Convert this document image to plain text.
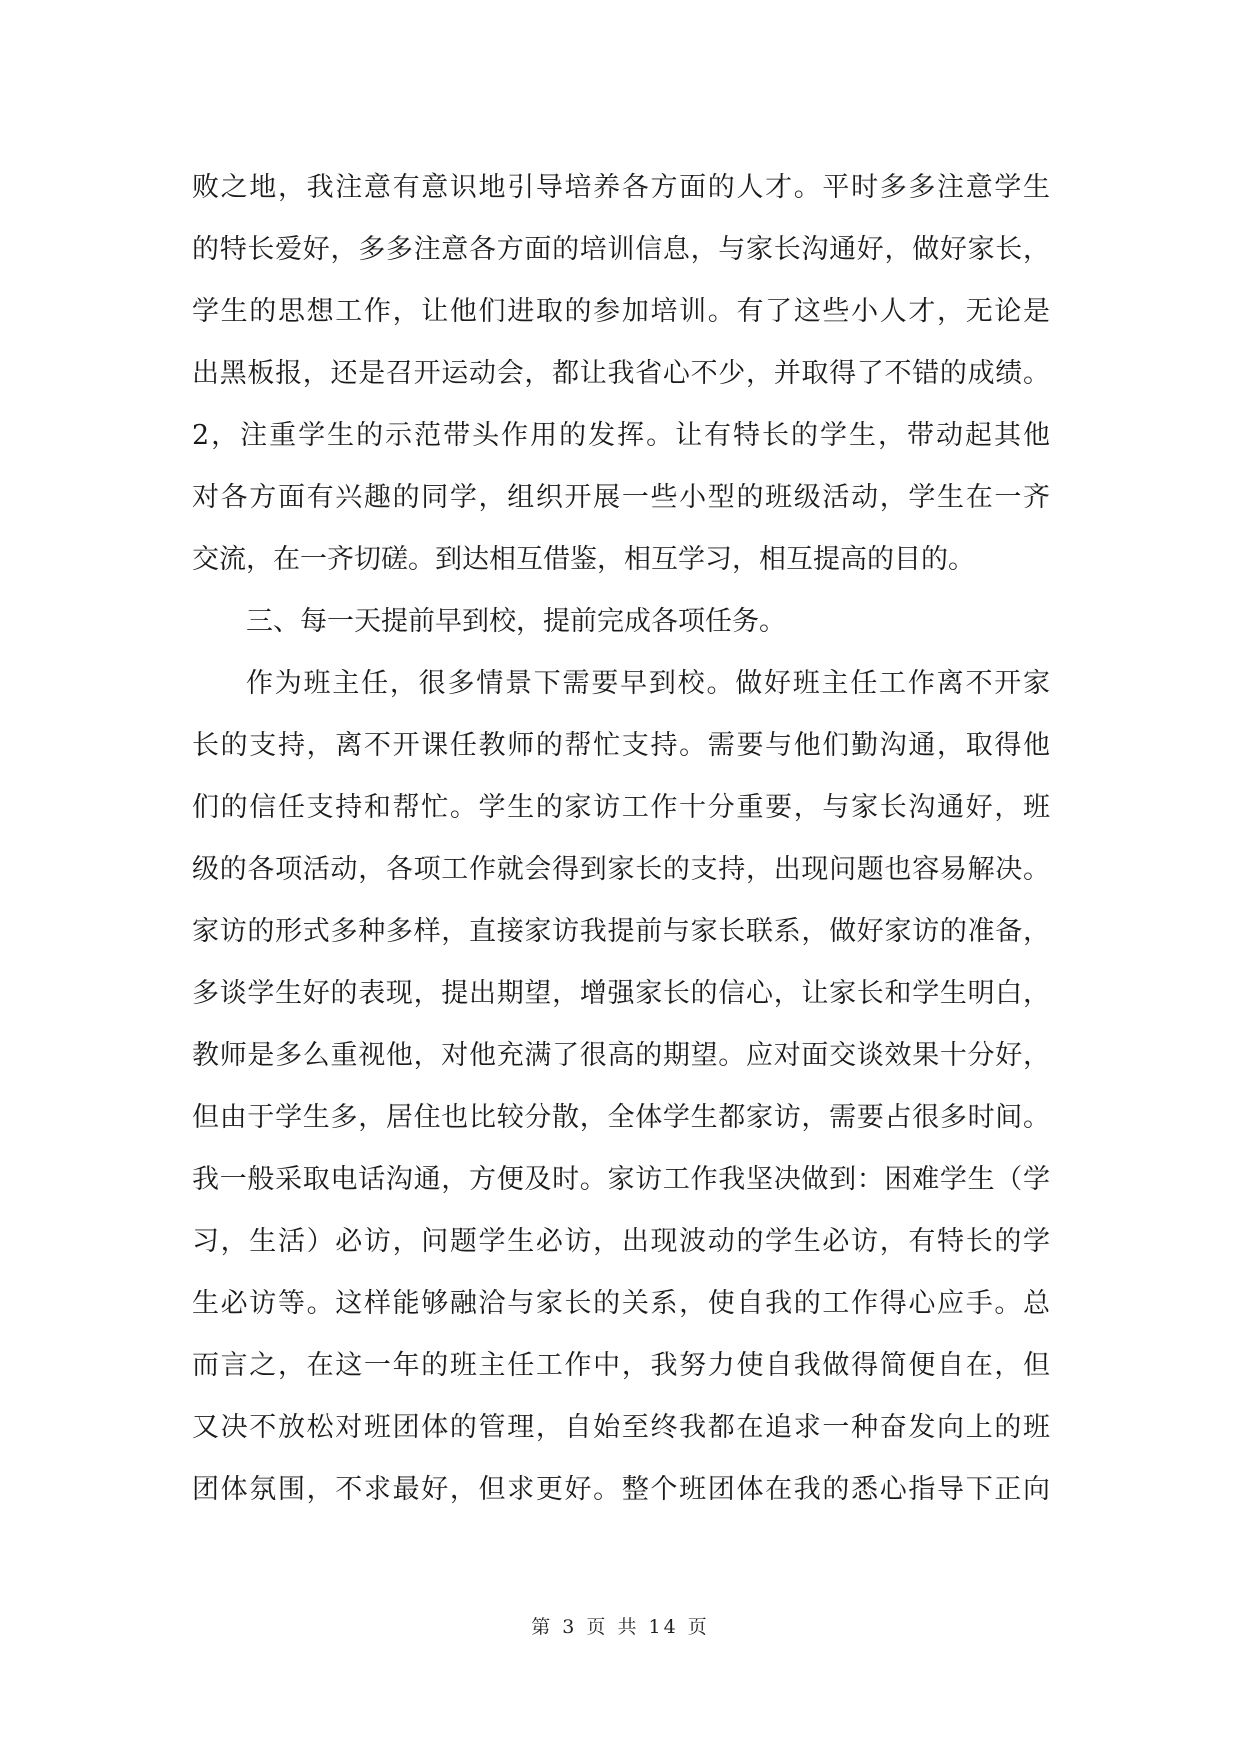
败之地，我注意有意识地引导培养各方面的人才。平时多多注意学生
的特长爱好，多多注意各方面的培训信息，与家长沟通好，做好家长，
学生的思想工作，让他们进取的参加培训。有了这些小人才，无论是
出黑板报，还是召开运动会，都让我省心不少，并取得了不错的成绩。
2，注重学生的示范带头作用的发挥。让有特长的学生，带动起其他
对各方面有兴趣的同学，组织开展一些小型的班级活动，学生在一齐
交流，在一齐切磋。到达相互借鉴，相互学习，相互提高的目的。
三、每一天提前早到校，提前完成各项任务。
作为班主任，很多情景下需要早到校。做好班主任工作离不开家
长的支持，离不开课任教师的帮忙支持。需要与他们勤沟通，取得他
们的信任支持和帮忙。学生的家访工作十分重要，与家长沟通好，班
级的各项活动，各项工作就会得到家长的支持，出现问题也容易解决。
家访的形式多种多样，直接家访我提前与家长联系，做好家访的准备，
多谈学生好的表现，提出期望，增强家长的信心，让家长和学生明白，
教师是多么重视他，对他充满了很高的期望。应对面交谈效果十分好，
但由于学生多，居住也比较分散，全体学生都家访，需要占很多时间。
我一般采取电话沟通，方便及时。家访工作我坚决做到：困难学生（学
习，生活）必访，问题学生必访，出现波动的学生必访，有特长的学
生必访等。这样能够融洽与家长的关系，使自我的工作得心应手。总
而言之，在这一年的班主任工作中，我努力使自我做得简便自在，但
又决不放松对班团体的管理，自始至终我都在追求一种奋发向上的班
团体氛围，不求最好，但求更好。整个班团体在我的悉心指导下正向
第 3 页 共 14 页
